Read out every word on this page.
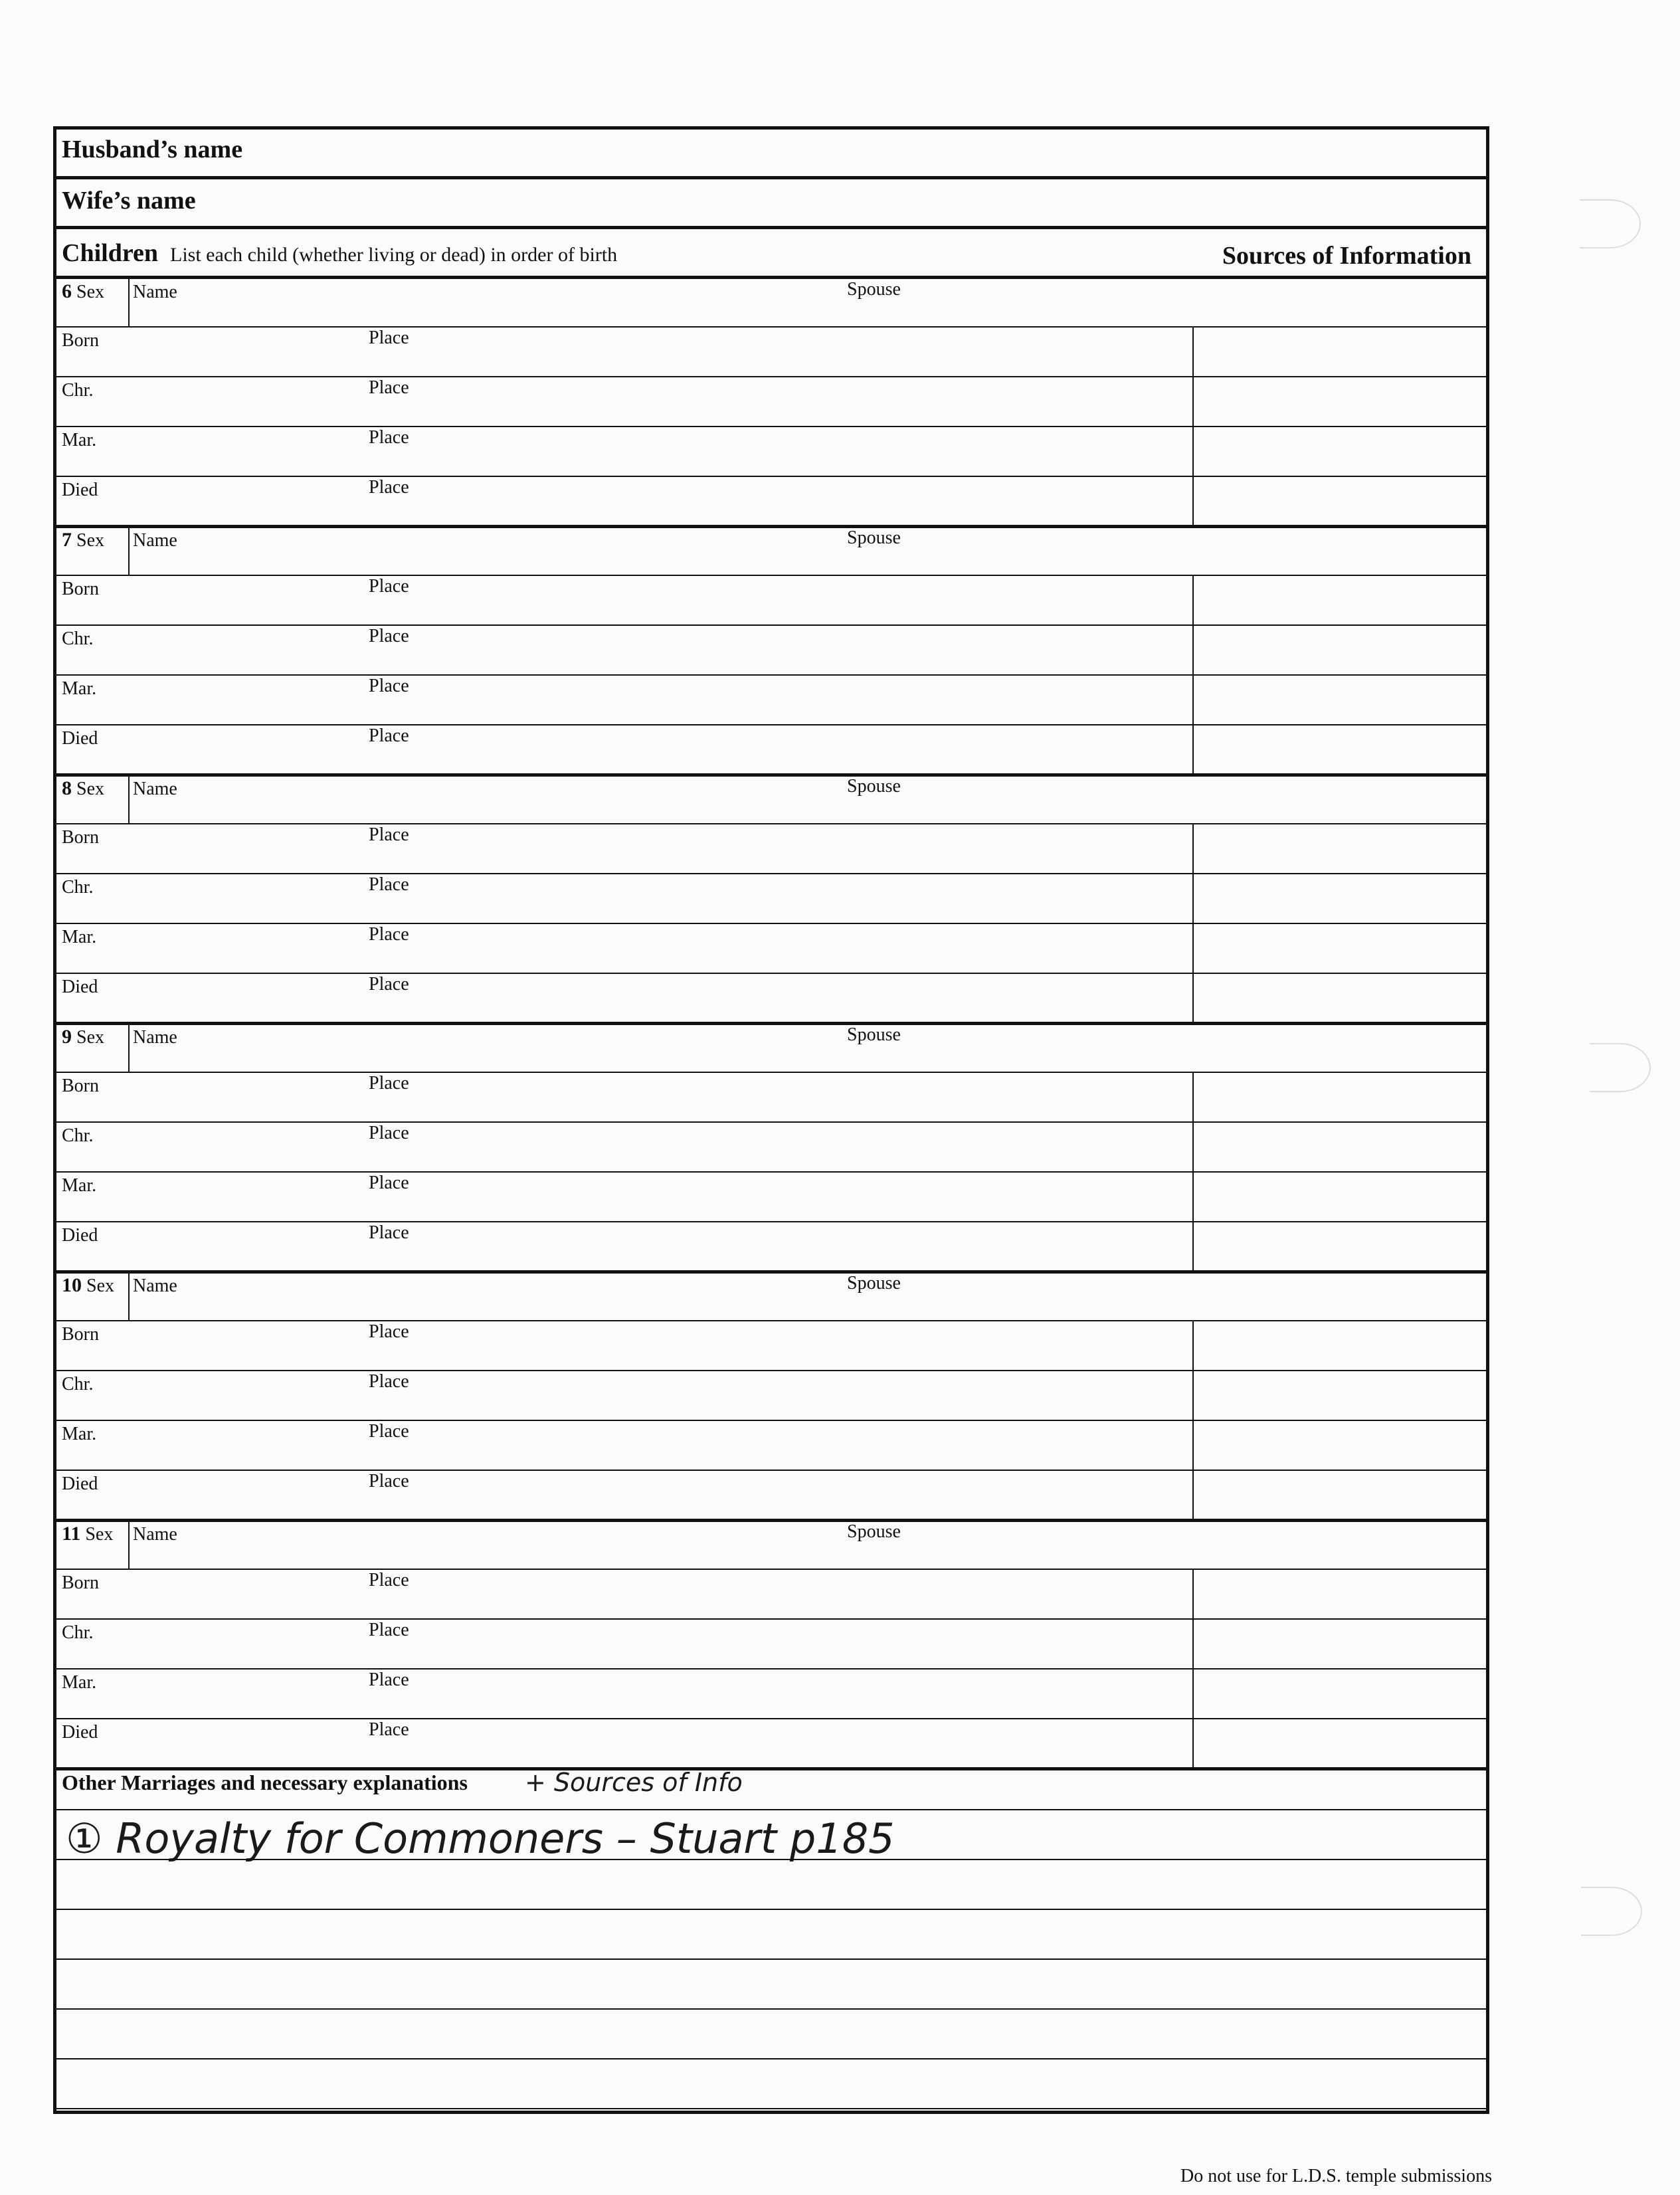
Husband’s name
Wife’s name
Children List each child (whether living or dead) in order of birth	Sources of Information
6 Sex	Name	Spouse
Born	Place
Chr.	Place
Mar.	Place
Died	Place
7 Sex	Name	Spouse
Born	Place
Chr.	Place
Mar.	Place
Died	Place
8 Sex	Name	Spouse
Born	Place
Chr.	Place
Mar.	Place
Died	Place
9 Sex	Name	Spouse
Born	Place
Chr.	Place
Mar.	Place
Died	Place
10 Sex	Name	Spouse
Born	Place
Chr.	Place
Mar.	Place
Died	Place
11 Sex	Name	Spouse
Born	Place
Chr.	Place
Mar.	Place
Died	Place
Other Marriages and necessary explanations + Sources of Info
① Royalty for Commoners – Stuart p185
Do not use for L.D.S. temple submissions
